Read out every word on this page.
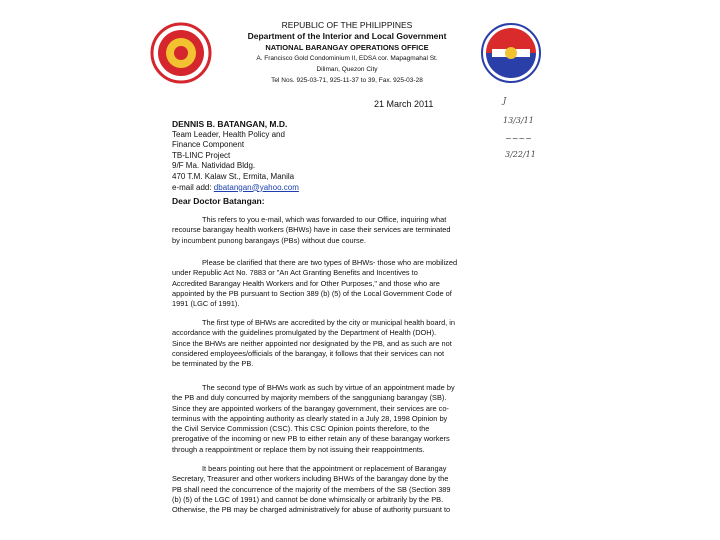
REPUBLIC OF THE PHILIPPINES
Department of the Interior and Local Government
NATIONAL BARANGAY OPERATIONS OFFICE
A. Francisco Gold Condominium II, EDSA cor. Mapagmahal St.
Diliman, Quezon City
Tel Nos. 925-03-71, 925-11-37 to 39, Fax. 925-03-28
21 March 2011	J
13/3/11
~~~~
3/22/11
DENNIS B. BATANGAN, M.D.
Team Leader, Health Policy and
Finance Component
TB-LINC Project
9/F Ma. Natividad Bldg.
470 T.M. Kalaw St., Ermita, Manila
e-mail add: dbatangan@yahoo.com
Dear Doctor Batangan:
This refers to you e-mail, which was forwarded to our Office, inquiring what
recourse barangay health workers (BHWs) have in case their services are terminated
by incumbent punong barangays (PBs) without due course.
Please be clarified that there are two types of BHWs- those who are mobilized
under Republic Act No. 7883 or "An Act Granting Benefits and Incentives to
Accredited Barangay Health Workers and for Other Purposes," and those who are
appointed by the PB pursuant to Section 389 (b) (5) of the Local Government Code of
1991 (LGC of 1991).
The first type of BHWs are accredited by the city or municipal health board, in
accordance with the guidelines promulgated by the Department of Health (DOH).
Since the BHWs are neither appointed nor designated by the PB, and as such are not
considered employees/officials of the barangay, it follows that their services can not
be terminated by the PB.
The second type of BHWs work as such by virtue of an appointment made by
the PB and duly concurred by majority members of the sangguniang barangay (SB).
Since they are appointed workers of the barangay government, their services are co-
terminus with the appointing authority as clearly stated in a July 28, 1998 Opinion by
the Civil Service Commission (CSC). This CSC Opinion points therefore, to the
prerogative of the incoming or new PB to either retain any of these barangay workers
through a reappointment or replace them by not issuing their reappointments.
It bears pointing out here that the appointment or replacement of Barangay
Secretary, Treasurer and other workers including BHWs of the barangay done by the
PB shall need the concurrence of the majority of the members of the SB (Section 389
(b) (5) of the LGC of 1991) and cannot be done whimsically or arbitrarily by the PB.
Otherwise, the PB may be charged administratively for abuse of authority pursuant to
